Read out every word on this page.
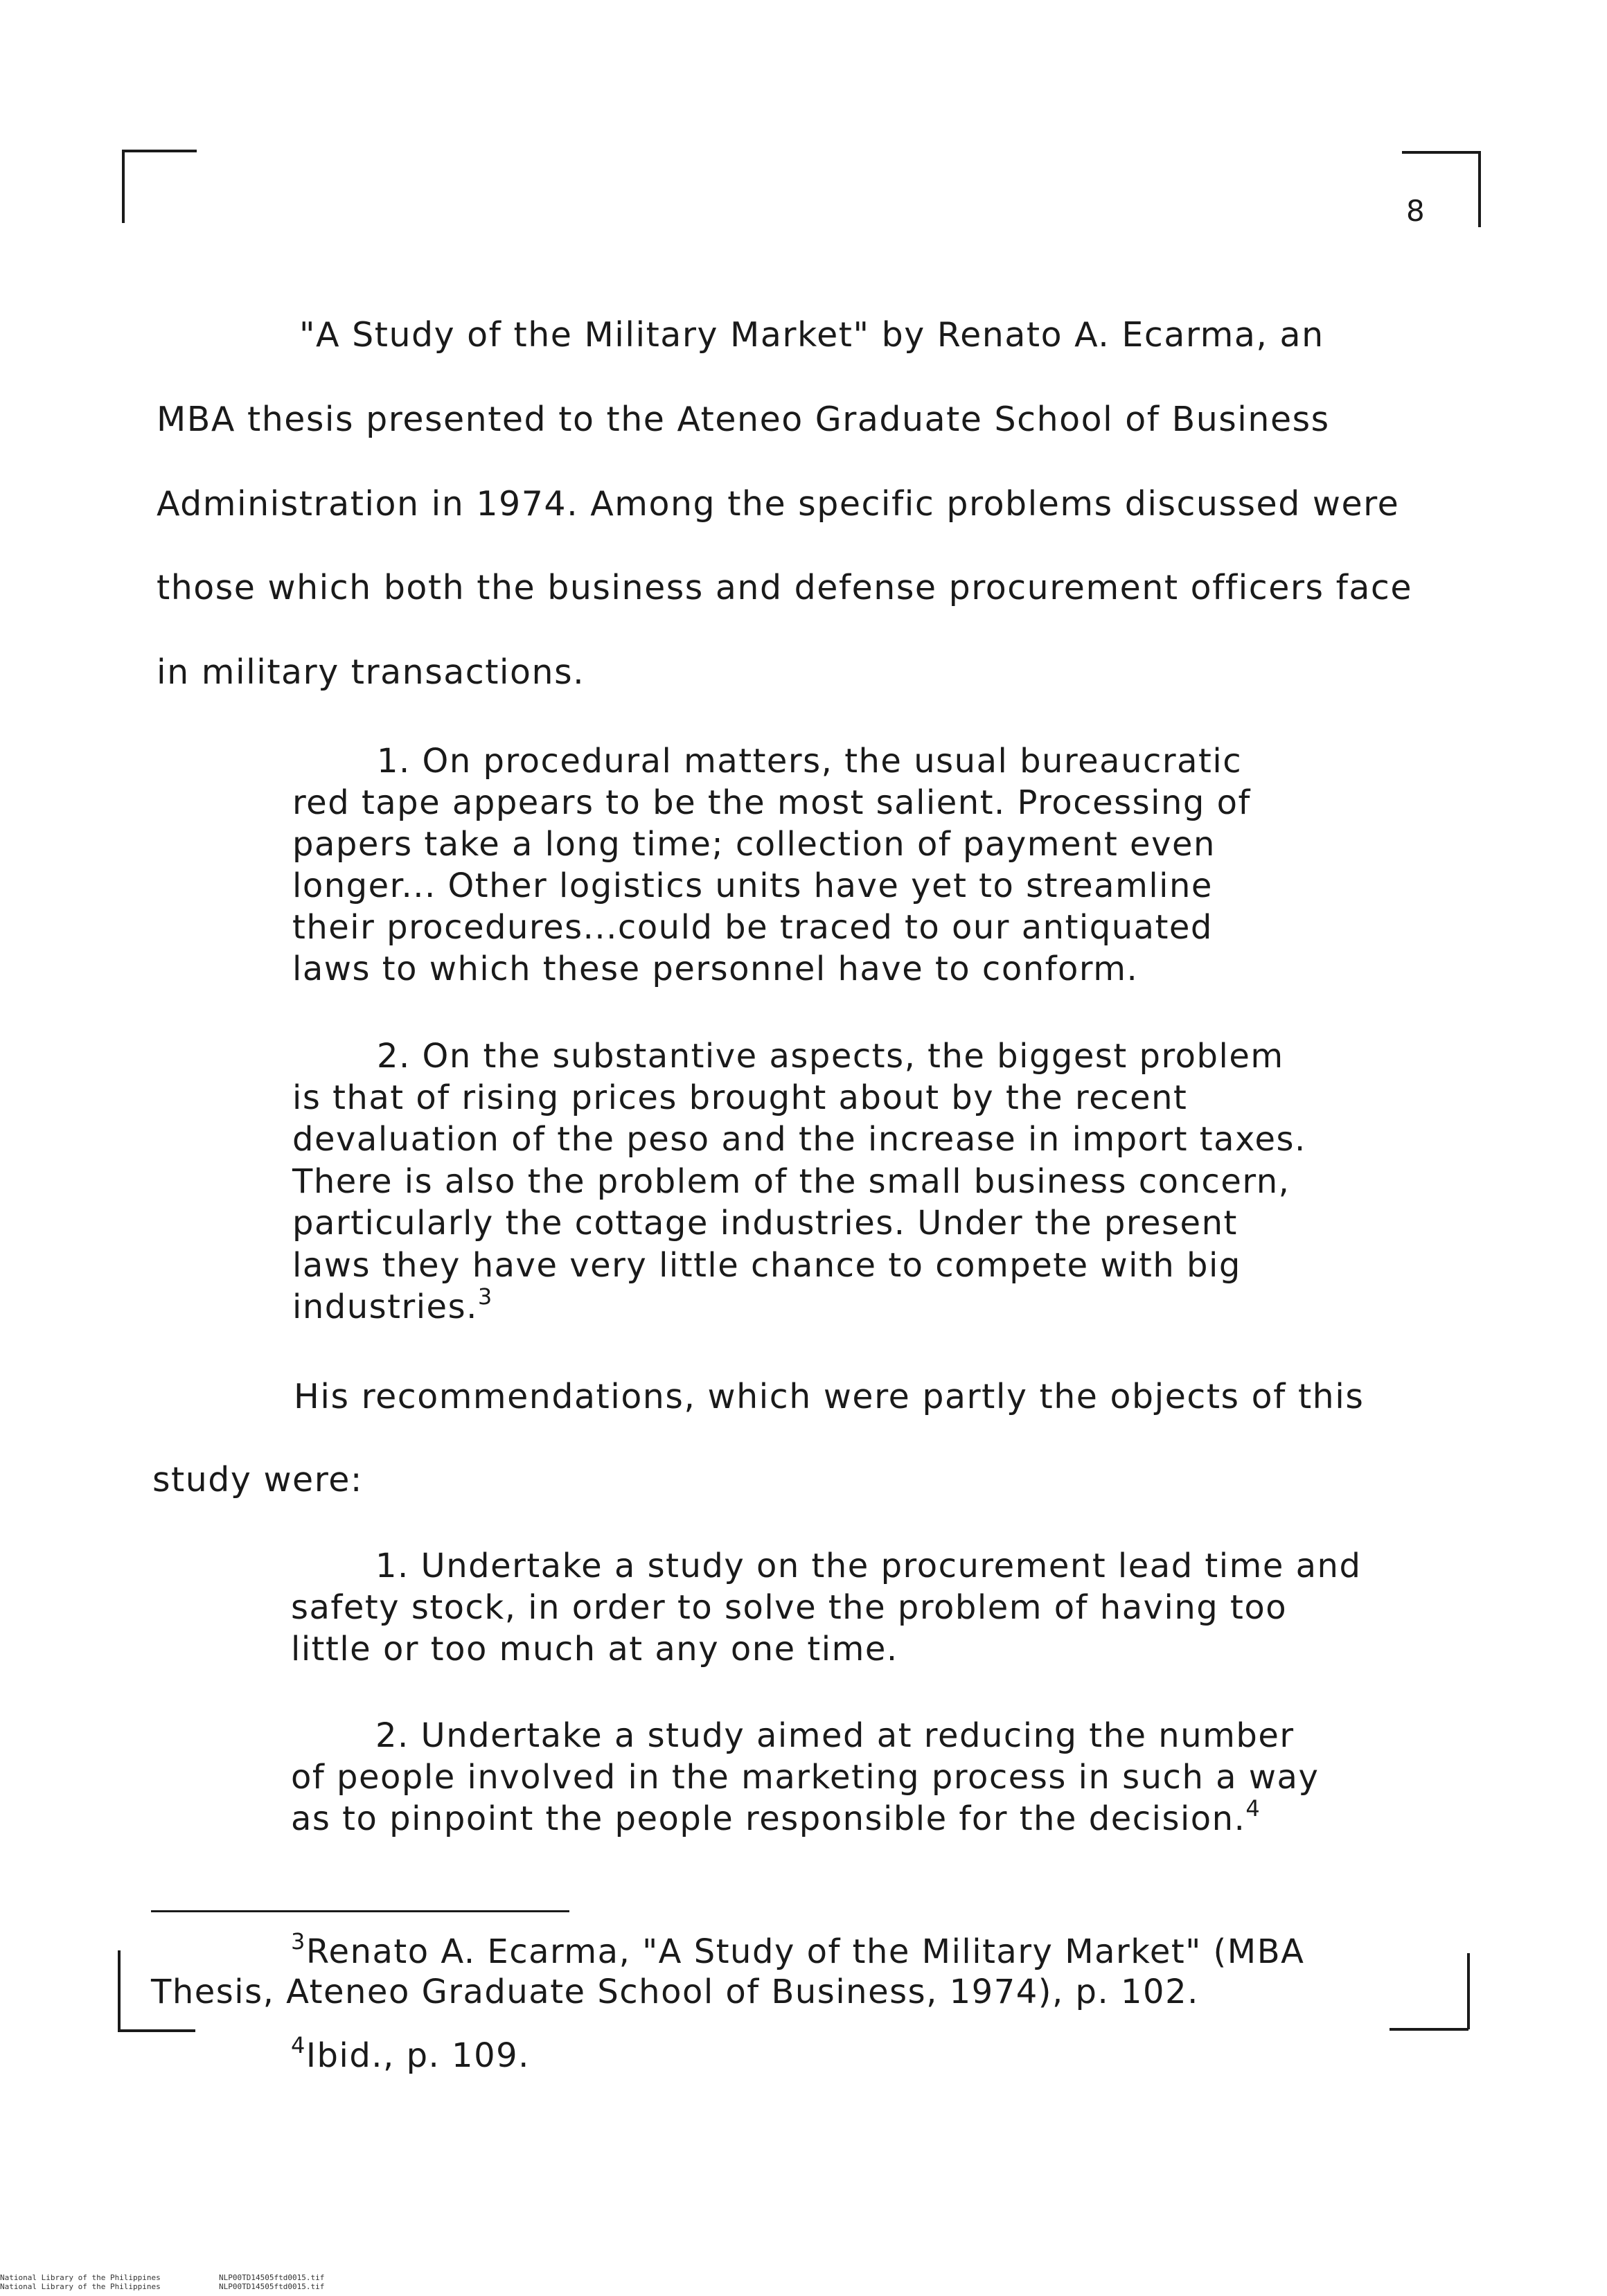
8
"A Study of the Military Market" by Renato A. Ecarma, an
MBA thesis presented to the Ateneo Graduate School of Business
Administration in 1974. Among the specific problems discussed were
those which both the business and defense procurement officers face
in military transactions.
1. On procedural matters, the usual bureaucratic
red tape appears to be the most salient. Processing of
papers take a long time; collection of payment even
longer... Other logistics units have yet to streamline
their procedures...could be traced to our antiquated
laws to which these personnel have to conform.
2. On the substantive aspects, the biggest problem
is that of rising prices brought about by the recent
devaluation of the peso and the increase in import taxes.
There is also the problem of the small business concern,
particularly the cottage industries. Under the present
laws they have very little chance to compete with big
industries.$^3$
His recommendations, which were partly the objects of this
study were:
1. Undertake a study on the procurement lead time and
safety stock, in order to solve the problem of having too
little or too much at any one time.
2. Undertake a study aimed at reducing the number
of people involved in the marketing process in such a way
as to pinpoint the people responsible for the decision.$^4$
$^3$Renato A. Ecarma, "A Study of the Military Market" (MBA
Thesis, Ateneo Graduate School of Business, 1974), p. 102.
$^4$Ibid., p. 109.
National Library of the Philippines
National Library of the Philippines
NLP00TD14505ftd0015.tif
NLP00TD14505ftd0015.tif
